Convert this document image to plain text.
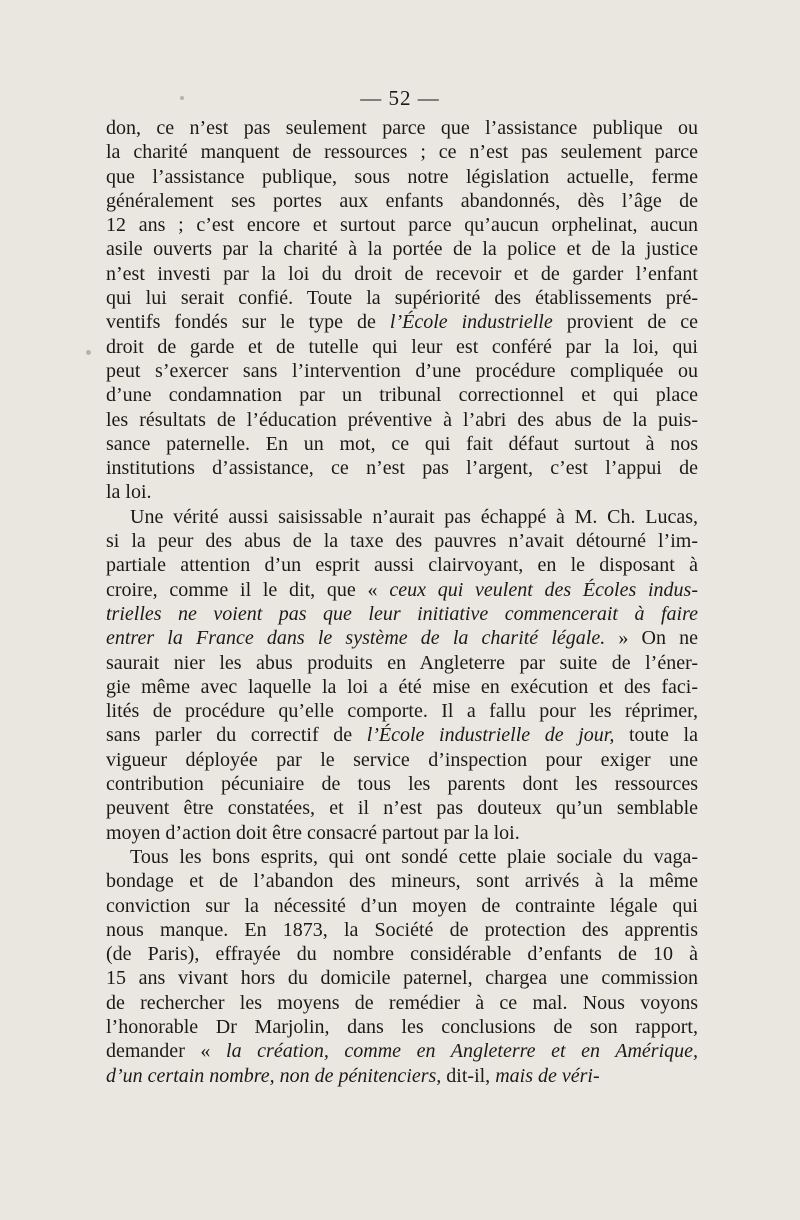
— 52 —
don, ce n’est pas seulement parce que l’assistance publique ou
la charité manquent de ressources ; ce n’est pas seulement parce
que l’assistance publique, sous notre législation actuelle, ferme
généralement ses portes aux enfants abandonnés, dès l’âge de
12 ans ; c’est encore et surtout parce qu’aucun orphelinat, aucun
asile ouverts par la charité à la portée de la police et de la justice
n’est investi par la loi du droit de recevoir et de garder l’enfant
qui lui serait confié. Toute la supériorité des établissements pré-
ventifs fondés sur le type de l’École industrielle provient de ce
droit de garde et de tutelle qui leur est conféré par la loi, qui
peut s’exercer sans l’intervention d’une procédure compliquée ou
d’une condamnation par un tribunal correctionnel et qui place
les résultats de l’éducation préventive à l’abri des abus de la puis-
sance paternelle. En un mot, ce qui fait défaut surtout à nos
institutions d’assistance, ce n’est pas l’argent, c’est l’appui de
la loi.
Une vérité aussi saisissable n’aurait pas échappé à M. Ch. Lucas,
si la peur des abus de la taxe des pauvres n’avait détourné l’im-
partiale attention d’un esprit aussi clairvoyant, en le disposant à
croire, comme il le dit, que « ceux qui veulent des Écoles indus-
trielles ne voient pas que leur initiative commencerait à faire
entrer la France dans le système de la charité légale. » On ne
saurait nier les abus produits en Angleterre par suite de l’éner-
gie même avec laquelle la loi a été mise en exécution et des faci-
lités de procédure qu’elle comporte. Il a fallu pour les réprimer,
sans parler du correctif de l’École industrielle de jour, toute la
vigueur déployée par le service d’inspection pour exiger une
contribution pécuniaire de tous les parents dont les ressources
peuvent être constatées, et il n’est pas douteux qu’un semblable
moyen d’action doit être consacré partout par la loi.
Tous les bons esprits, qui ont sondé cette plaie sociale du vaga-
bondage et de l’abandon des mineurs, sont arrivés à la même
conviction sur la nécessité d’un moyen de contrainte légale qui
nous manque. En 1873, la Société de protection des apprentis
(de Paris), effrayée du nombre considérable d’enfants de 10 à
15 ans vivant hors du domicile paternel, chargea une commission
de rechercher les moyens de remédier à ce mal. Nous voyons
l’honorable Dr Marjolin, dans les conclusions de son rapport,
demander « la création, comme en Angleterre et en Amérique,
d’un certain nombre, non de pénitenciers, dit-il, mais de véri-
